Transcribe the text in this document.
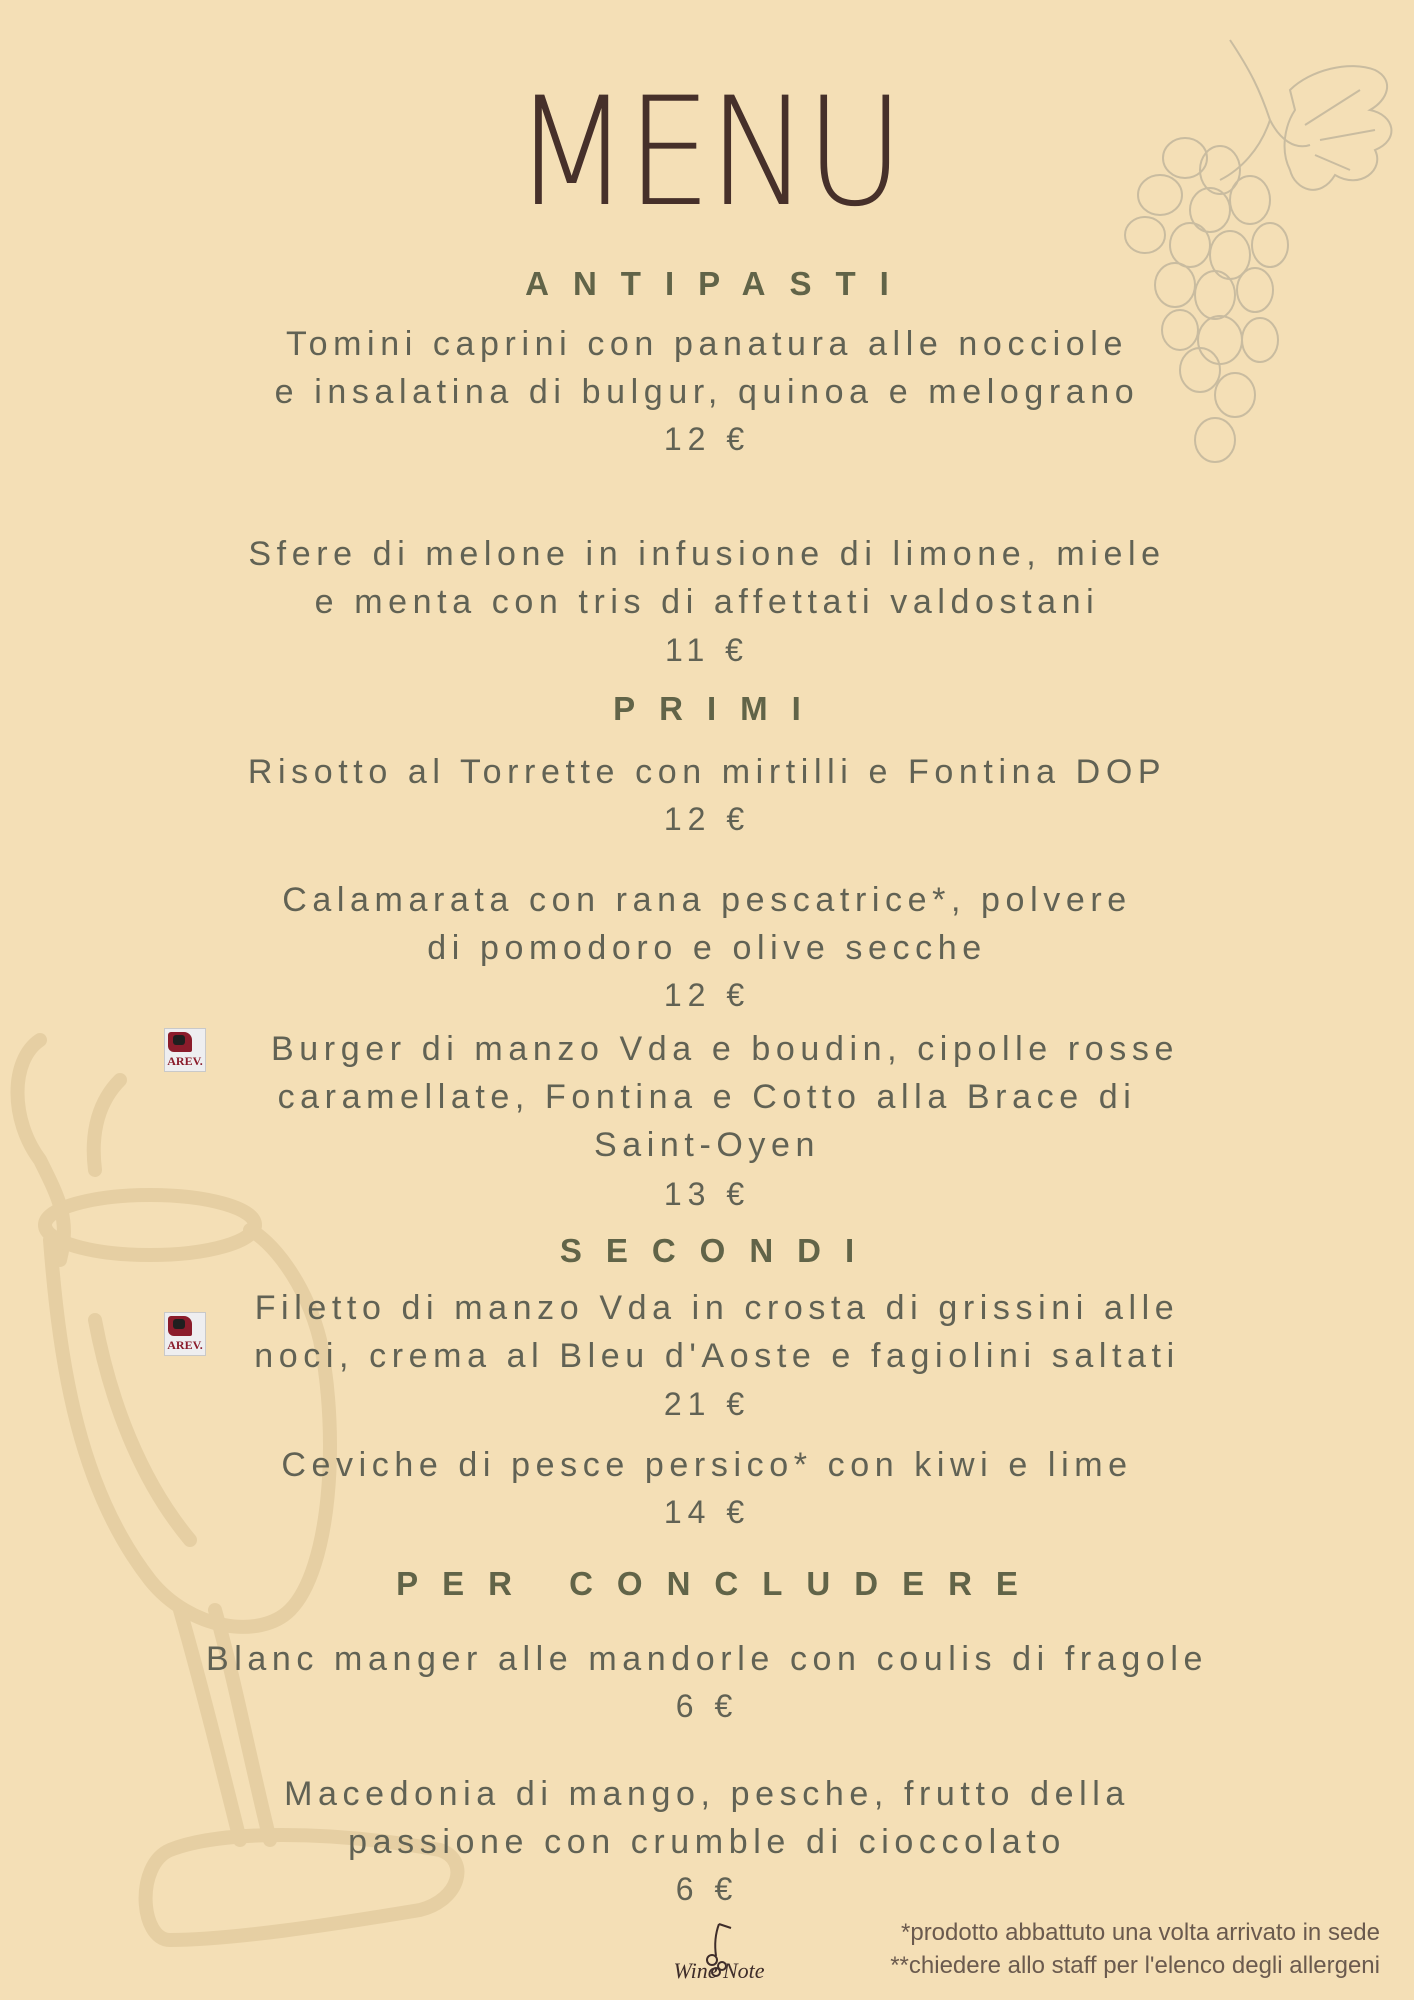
MENU
ANTIPASTI
Tomini caprini con panatura alle nocciole
e insalatina di bulgur, quinoa e melograno
12 €
Sfere di melone in infusione di limone, miele
e menta con tris di affettati valdostani
11 €
PRIMI
Risotto al Torrette con mirtilli e Fontina DOP
12 €
Calamarata con rana pescatrice*, polvere
di pomodoro e olive secche
12 €
AREV.	Burger di manzo Vda e boudin, cipolle rosse
caramellate, Fontina e Cotto alla Brace di
Saint-Oyen
13 €
SECONDI
AREV.
Filetto di manzo Vda in crosta di grissini alle
noci, crema al Bleu d'Aoste e fagiolini saltati
21 €
Ceviche di pesce persico* con kiwi e lime
14 €
PER CONCLUDERE
Blanc manger alle mandorle con coulis di fragole
6 €
Macedonia di mango, pesche, frutto della
passione con crumble di cioccolato
6 €
Wine Note
*prodotto abbattuto una volta arrivato in sede
**chiedere allo staff per l'elenco degli allergeni
